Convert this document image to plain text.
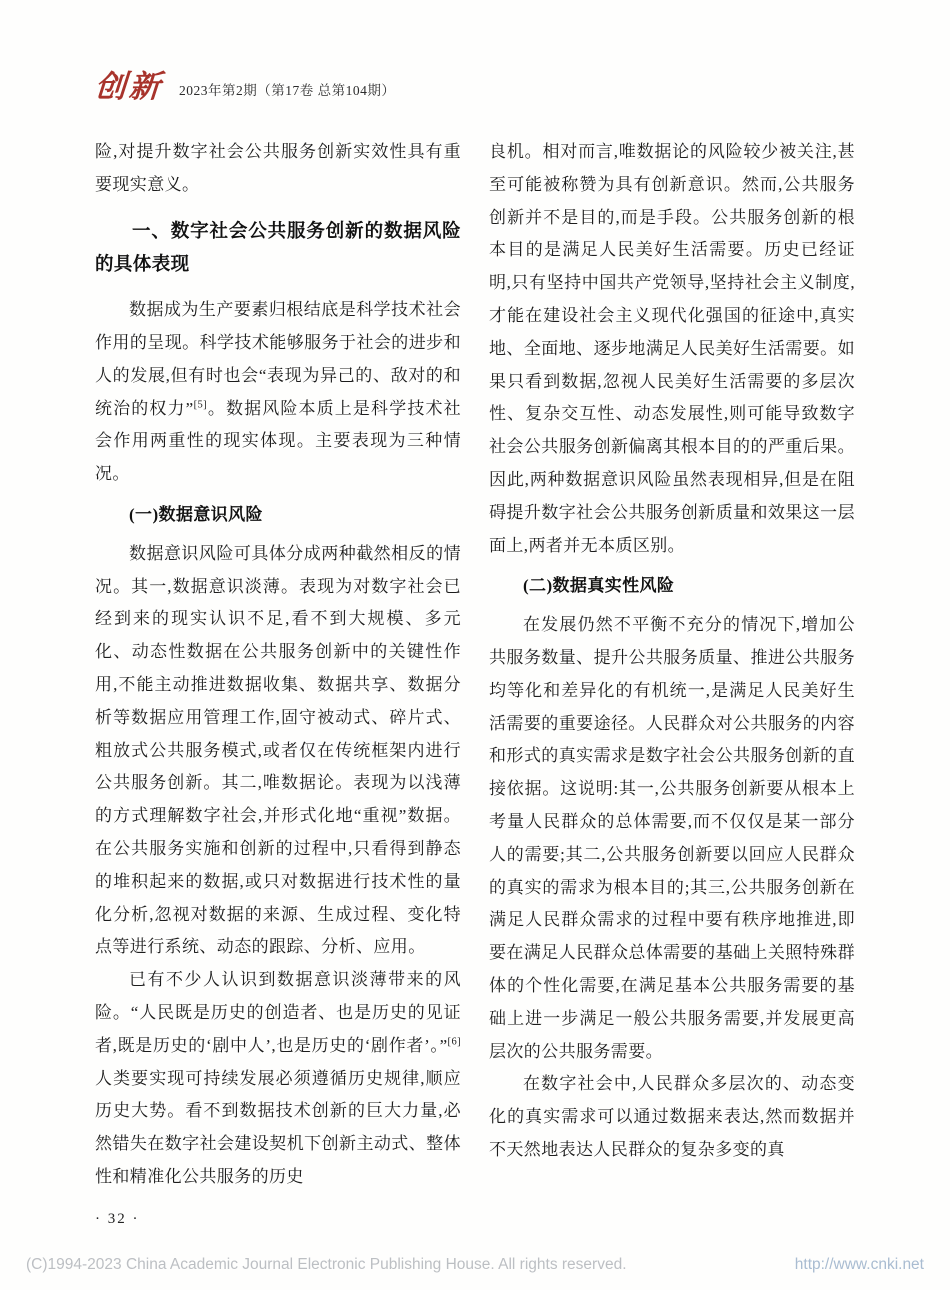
创新 2023年第2期（第17卷 总第104期）

险,对提升数字社会公共服务创新实效性具有重要现实意义。

一、数字社会公共服务创新的数据风险的具体表现

数据成为生产要素归根结底是科学技术社会作用的呈现。科学技术能够服务于社会的进步和人的发展,但有时也会“表现为异己的、敌对的和统治的权力”[5]。数据风险本质上是科学技术社会作用两重性的现实体现。主要表现为三种情况。

(一)数据意识风险

数据意识风险可具体分成两种截然相反的情况。其一,数据意识淡薄。表现为对数字社会已经到来的现实认识不足,看不到大规模、多元化、动态性数据在公共服务创新中的关键性作用,不能主动推进数据收集、数据共享、数据分析等数据应用管理工作,固守被动式、碎片式、粗放式公共服务模式,或者仅在传统框架内进行公共服务创新。其二,唯数据论。表现为以浅薄的方式理解数字社会,并形式化地“重视”数据。在公共服务实施和创新的过程中,只看得到静态的堆积起来的数据,或只对数据进行技术性的量化分析,忽视对数据的来源、生成过程、变化特点等进行系统、动态的跟踪、分析、应用。

已有不少人认识到数据意识淡薄带来的风险。“人民既是历史的创造者、也是历史的见证者,既是历史的‘剧中人’,也是历史的‘剧作者’。”[6]人类要实现可持续发展必须遵循历史规律,顺应历史大势。看不到数据技术创新的巨大力量,必然错失在数字社会建设契机下创新主动式、整体性和精准化公共服务的历史

良机。相对而言,唯数据论的风险较少被关注,甚至可能被称赞为具有创新意识。然而,公共服务创新并不是目的,而是手段。公共服务创新的根本目的是满足人民美好生活需要。历史已经证明,只有坚持中国共产党领导,坚持社会主义制度,才能在建设社会主义现代化强国的征途中,真实地、全面地、逐步地满足人民美好生活需要。如果只看到数据,忽视人民美好生活需要的多层次性、复杂交互性、动态发展性,则可能导致数字社会公共服务创新偏离其根本目的的严重后果。因此,两种数据意识风险虽然表现相异,但是在阻碍提升数字社会公共服务创新质量和效果这一层面上,两者并无本质区别。

(二)数据真实性风险

在发展仍然不平衡不充分的情况下,增加公共服务数量、提升公共服务质量、推进公共服务均等化和差异化的有机统一,是满足人民美好生活需要的重要途径。人民群众对公共服务的内容和形式的真实需求是数字社会公共服务创新的直接依据。这说明:其一,公共服务创新要从根本上考量人民群众的总体需要,而不仅仅是某一部分人的需要;其二,公共服务创新要以回应人民群众的真实的需求为根本目的;其三,公共服务创新在满足人民群众需求的过程中要有秩序地推进,即要在满足人民群众总体需要的基础上关照特殊群体的个性化需要,在满足基本公共服务需要的基础上进一步满足一般公共服务需要,并发展更高层次的公共服务需要。

在数字社会中,人民群众多层次的、动态变化的真实需求可以通过数据来表达,然而数据并不天然地表达人民群众的复杂多变的真

· 32 ·
(C)1994-2023 China Academic Journal Electronic Publishing House. All rights reserved.	http://www.cnki.net
